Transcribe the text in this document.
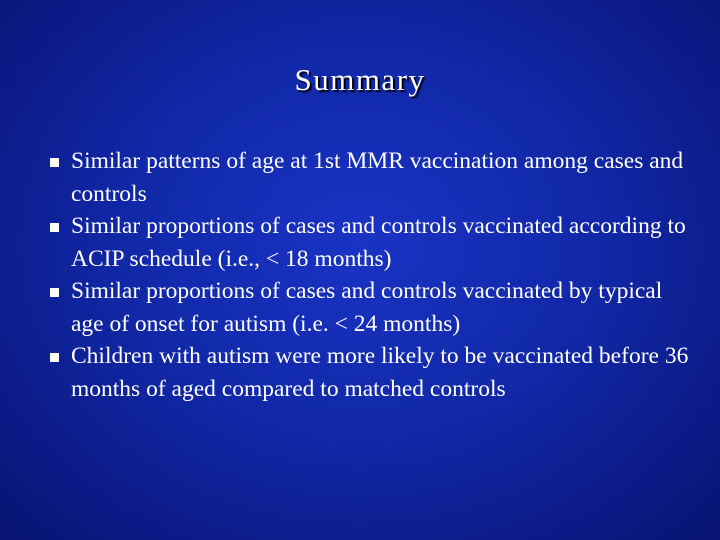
Summary
Similar patterns of age at 1st MMR vaccination among cases and controls
Similar proportions of cases and controls vaccinated according to ACIP schedule (i.e., < 18 months)
Similar proportions of cases and controls vaccinated by typical age of onset for autism (i.e. < 24 months)
Children with autism were more likely to be vaccinated before 36 months of aged compared to matched controls
